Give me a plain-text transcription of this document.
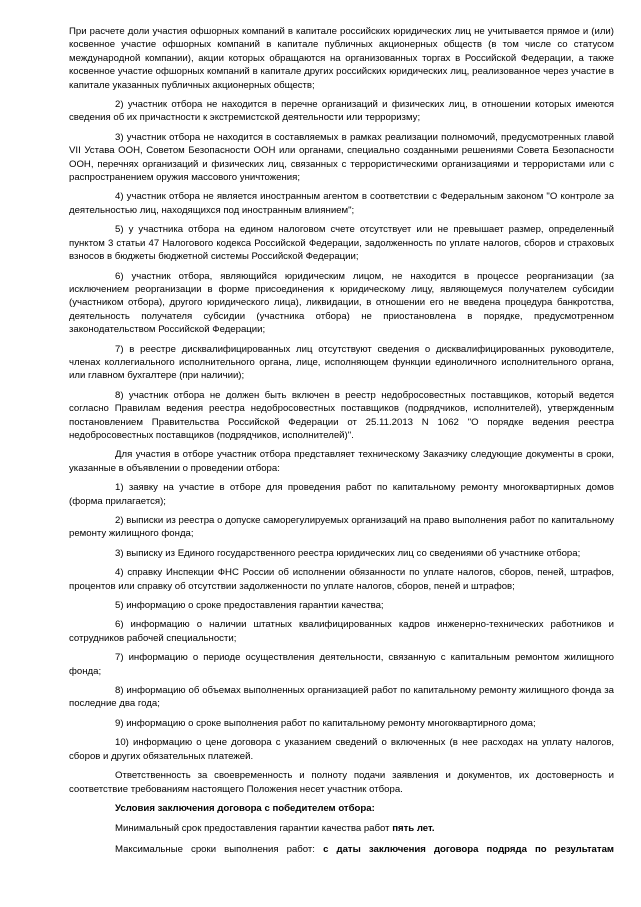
При расчете доли участия офшорных компаний в капитале российских юридических лиц не учитывается прямое и (или) косвенное участие офшорных компаний в капитале публичных акционерных обществ (в том числе со статусом международной компании), акции которых обращаются на организованных торгах в Российской Федерации, а также косвенное участие офшорных компаний в капитале других российских юридических лиц, реализованное через участие в капитале указанных публичных акционерных обществ;

2) участник отбора не находится в перечне организаций и физических лиц, в отношении которых имеются сведения об их причастности к экстремистской деятельности или терроризму;

3) участник отбора не находится в составляемых в рамках реализации полномочий, предусмотренных главой VII Устава ООН, Советом Безопасности ООН или органами, специально созданными решениями Совета Безопасности ООН, перечнях организаций и физических лиц, связанных с террористическими организациями и террористами или с распространением оружия массового уничтожения;

4) участник отбора не является иностранным агентом в соответствии с Федеральным законом "О контроле за деятельностью лиц, находящихся под иностранным влиянием";

5) у участника отбора на едином налоговом счете отсутствует или не превышает размер, определенный пунктом 3 статьи 47 Налогового кодекса Российской Федерации, задолженность по уплате налогов, сборов и страховых взносов в бюджеты бюджетной системы Российской Федерации;

6) участник отбора, являющийся юридическим лицом, не находится в процессе реорганизации (за исключением реорганизации в форме присоединения к юридическому лицу, являющемуся получателем субсидии (участником отбора), другого юридического лица), ликвидации, в отношении его не введена процедура банкротства, деятельность получателя субсидии (участника отбора) не приостановлена в порядке, предусмотренном законодательством Российской Федерации;

7) в реестре дисквалифицированных лиц отсутствуют сведения о дисквалифицированных руководителе, членах коллегиального исполнительного органа, лице, исполняющем функции единоличного исполнительного органа, или главном бухгалтере (при наличии);

8) участник отбора не должен быть включен в реестр недобросовестных поставщиков, который ведется согласно Правилам ведения реестра недобросовестных поставщиков (подрядчиков, исполнителей), утвержденным постановлением Правительства Российской Федерации от 25.11.2013 N 1062 "О порядке ведения реестра недобросовестных поставщиков (подрядчиков, исполнителей)".

Для участия в отборе участник отбора представляет техническому Заказчику следующие документы в сроки, указанные в объявлении о проведении отбора:

1) заявку на участие в отборе для проведения работ по капитальному ремонту многоквартирных домов (форма прилагается);

2) выписки из реестра о допуске саморегулируемых организаций на право выполнения работ по капитальному ремонту жилищного фонда;

3) выписку из Единого государственного реестра юридических лиц со сведениями об участнике отбора;

4) справку Инспекции ФНС России об исполнении обязанности по уплате налогов, сборов, пеней, штрафов, процентов или справку об отсутствии задолженности по уплате налогов, сборов, пеней и штрафов;

5) информацию о сроке предоставления гарантии качества;

6) информацию о наличии штатных квалифицированных кадров инженерно-технических работников и сотрудников рабочей специальности;

7) информацию о периоде осуществления деятельности, связанную с капитальным ремонтом жилищного фонда;

8) информацию об объемах выполненных организацией работ по капитальному ремонту жилищного фонда за последние два года;

9) информацию о сроке выполнения работ по капитальному ремонту многоквартирного дома;

10) информацию о цене договора с указанием сведений о включенных (в нее расходах на уплату налогов, сборов и других обязательных платежей.

Ответственность за своевременность и полноту подачи заявления и документов, их достоверность и соответствие требованиям настоящего Положения несет участник отбора.

Условия заключения договора с победителем отбора:

Минимальный срок предоставления гарантии качества работ пять лет.

Максимальные сроки выполнения работ: с даты заключения договора подряда по результатам
